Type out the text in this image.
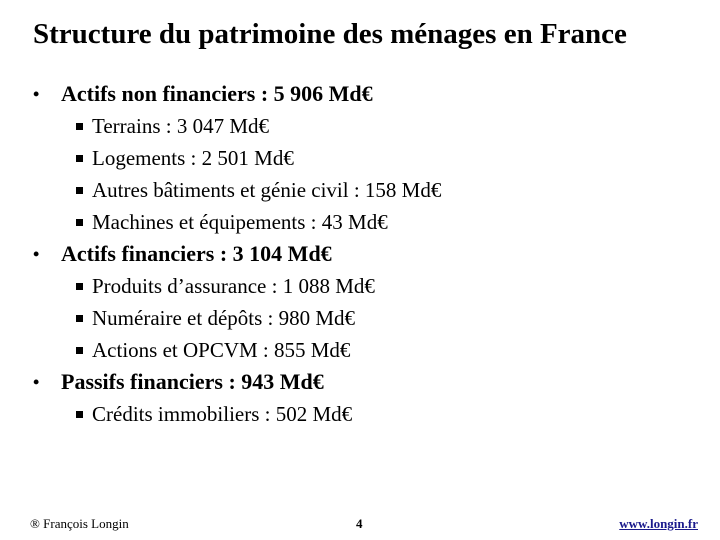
Structure du patrimoine des ménages en France
• Actifs non financiers : 5 906 Md€
Terrains : 3 047 Md€
Logements : 2 501 Md€
Autres bâtiments et génie civil : 158 Md€
Machines et équipements : 43 Md€
• Actifs financiers : 3 104 Md€
Produits d’assurance : 1 088 Md€
Numéraire et dépôts : 980 Md€
Actions et OPCVM : 855 Md€
• Passifs financiers : 943 Md€
Crédits immobiliers : 502 Md€
® François Longin	4	www.longin.fr
